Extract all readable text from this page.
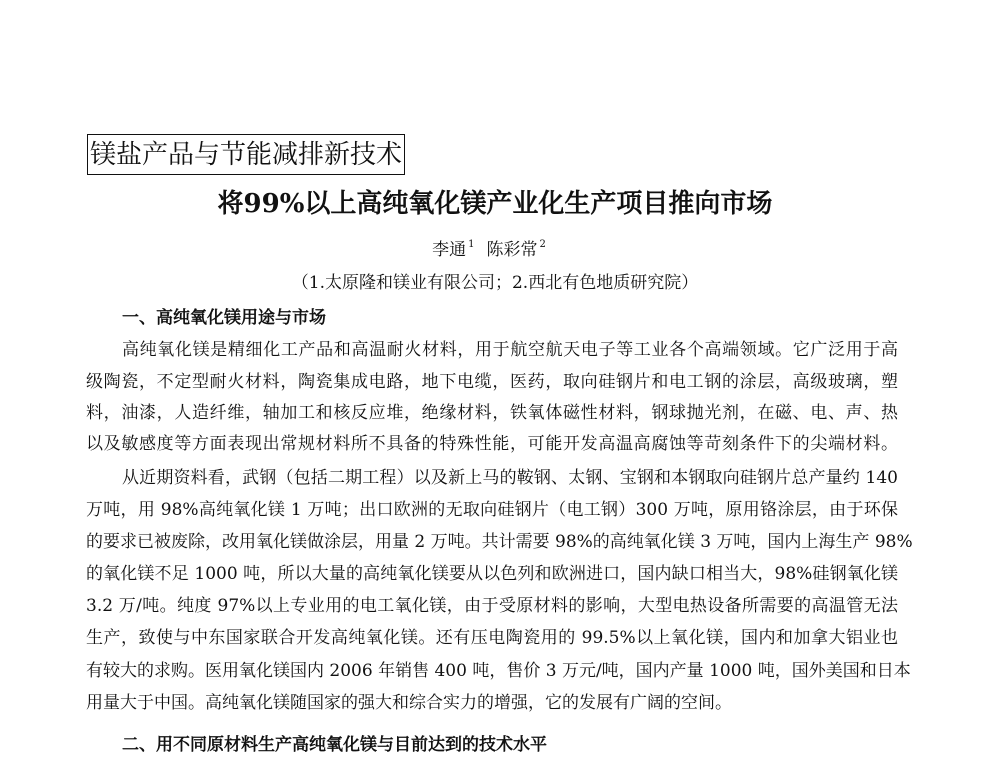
镁盐产品与节能减排新技术
将99%以上高纯氧化镁产业化生产项目推向市场
李通 $^1$ 陈彩常 $^2$
（1.太原隆和镁业有限公司；2.西北有色地质研究院）
一、高纯氧化镁用途与市场
高纯氧化镁是精细化工产品和高温耐火材料，用于航空航天电子等工业各个高端领域。它广泛用于高
级陶瓷，不定型耐火材料，陶瓷集成电路，地下电缆，医药，取向硅钢片和电工钢的涂层，高级玻璃，塑
料，油漆，人造纤维，轴加工和核反应堆，绝缘材料，铁氧体磁性材料，钢球抛光剂，在磁、电、声、热
以及敏感度等方面表现出常规材料所不具备的特殊性能，可能开发高温高腐蚀等苛刻条件下的尖端材料。
从近期资料看，武钢（包括二期工程）以及新上马的鞍钢、太钢、宝钢和本钢取向硅钢片总产量约 140
万吨，用 98%高纯氧化镁 1 万吨；出口欧洲的无取向硅钢片（电工钢）300 万吨，原用铬涂层，由于环保
的要求已被废除，改用氧化镁做涂层，用量 2 万吨。共计需要 98%的高纯氧化镁 3 万吨，国内上海生产 98%
的氧化镁不足 1000 吨，所以大量的高纯氧化镁要从以色列和欧洲进口，国内缺口相当大，98%硅钢氧化镁
3.2 万/吨。纯度 97%以上专业用的电工氧化镁，由于受原材料的影响，大型电热设备所需要的高温管无法
生产，致使与中东国家联合开发高纯氧化镁。还有压电陶瓷用的 99.5%以上氧化镁，国内和加拿大铝业也
有较大的求购。医用氧化镁国内 2006 年销售 400 吨，售价 3 万元/吨，国内产量 1000 吨，国外美国和日本
用量大于中国。高纯氧化镁随国家的强大和综合实力的增强，它的发展有广阔的空间。
二、用不同原材料生产高纯氧化镁与目前达到的技术水平
